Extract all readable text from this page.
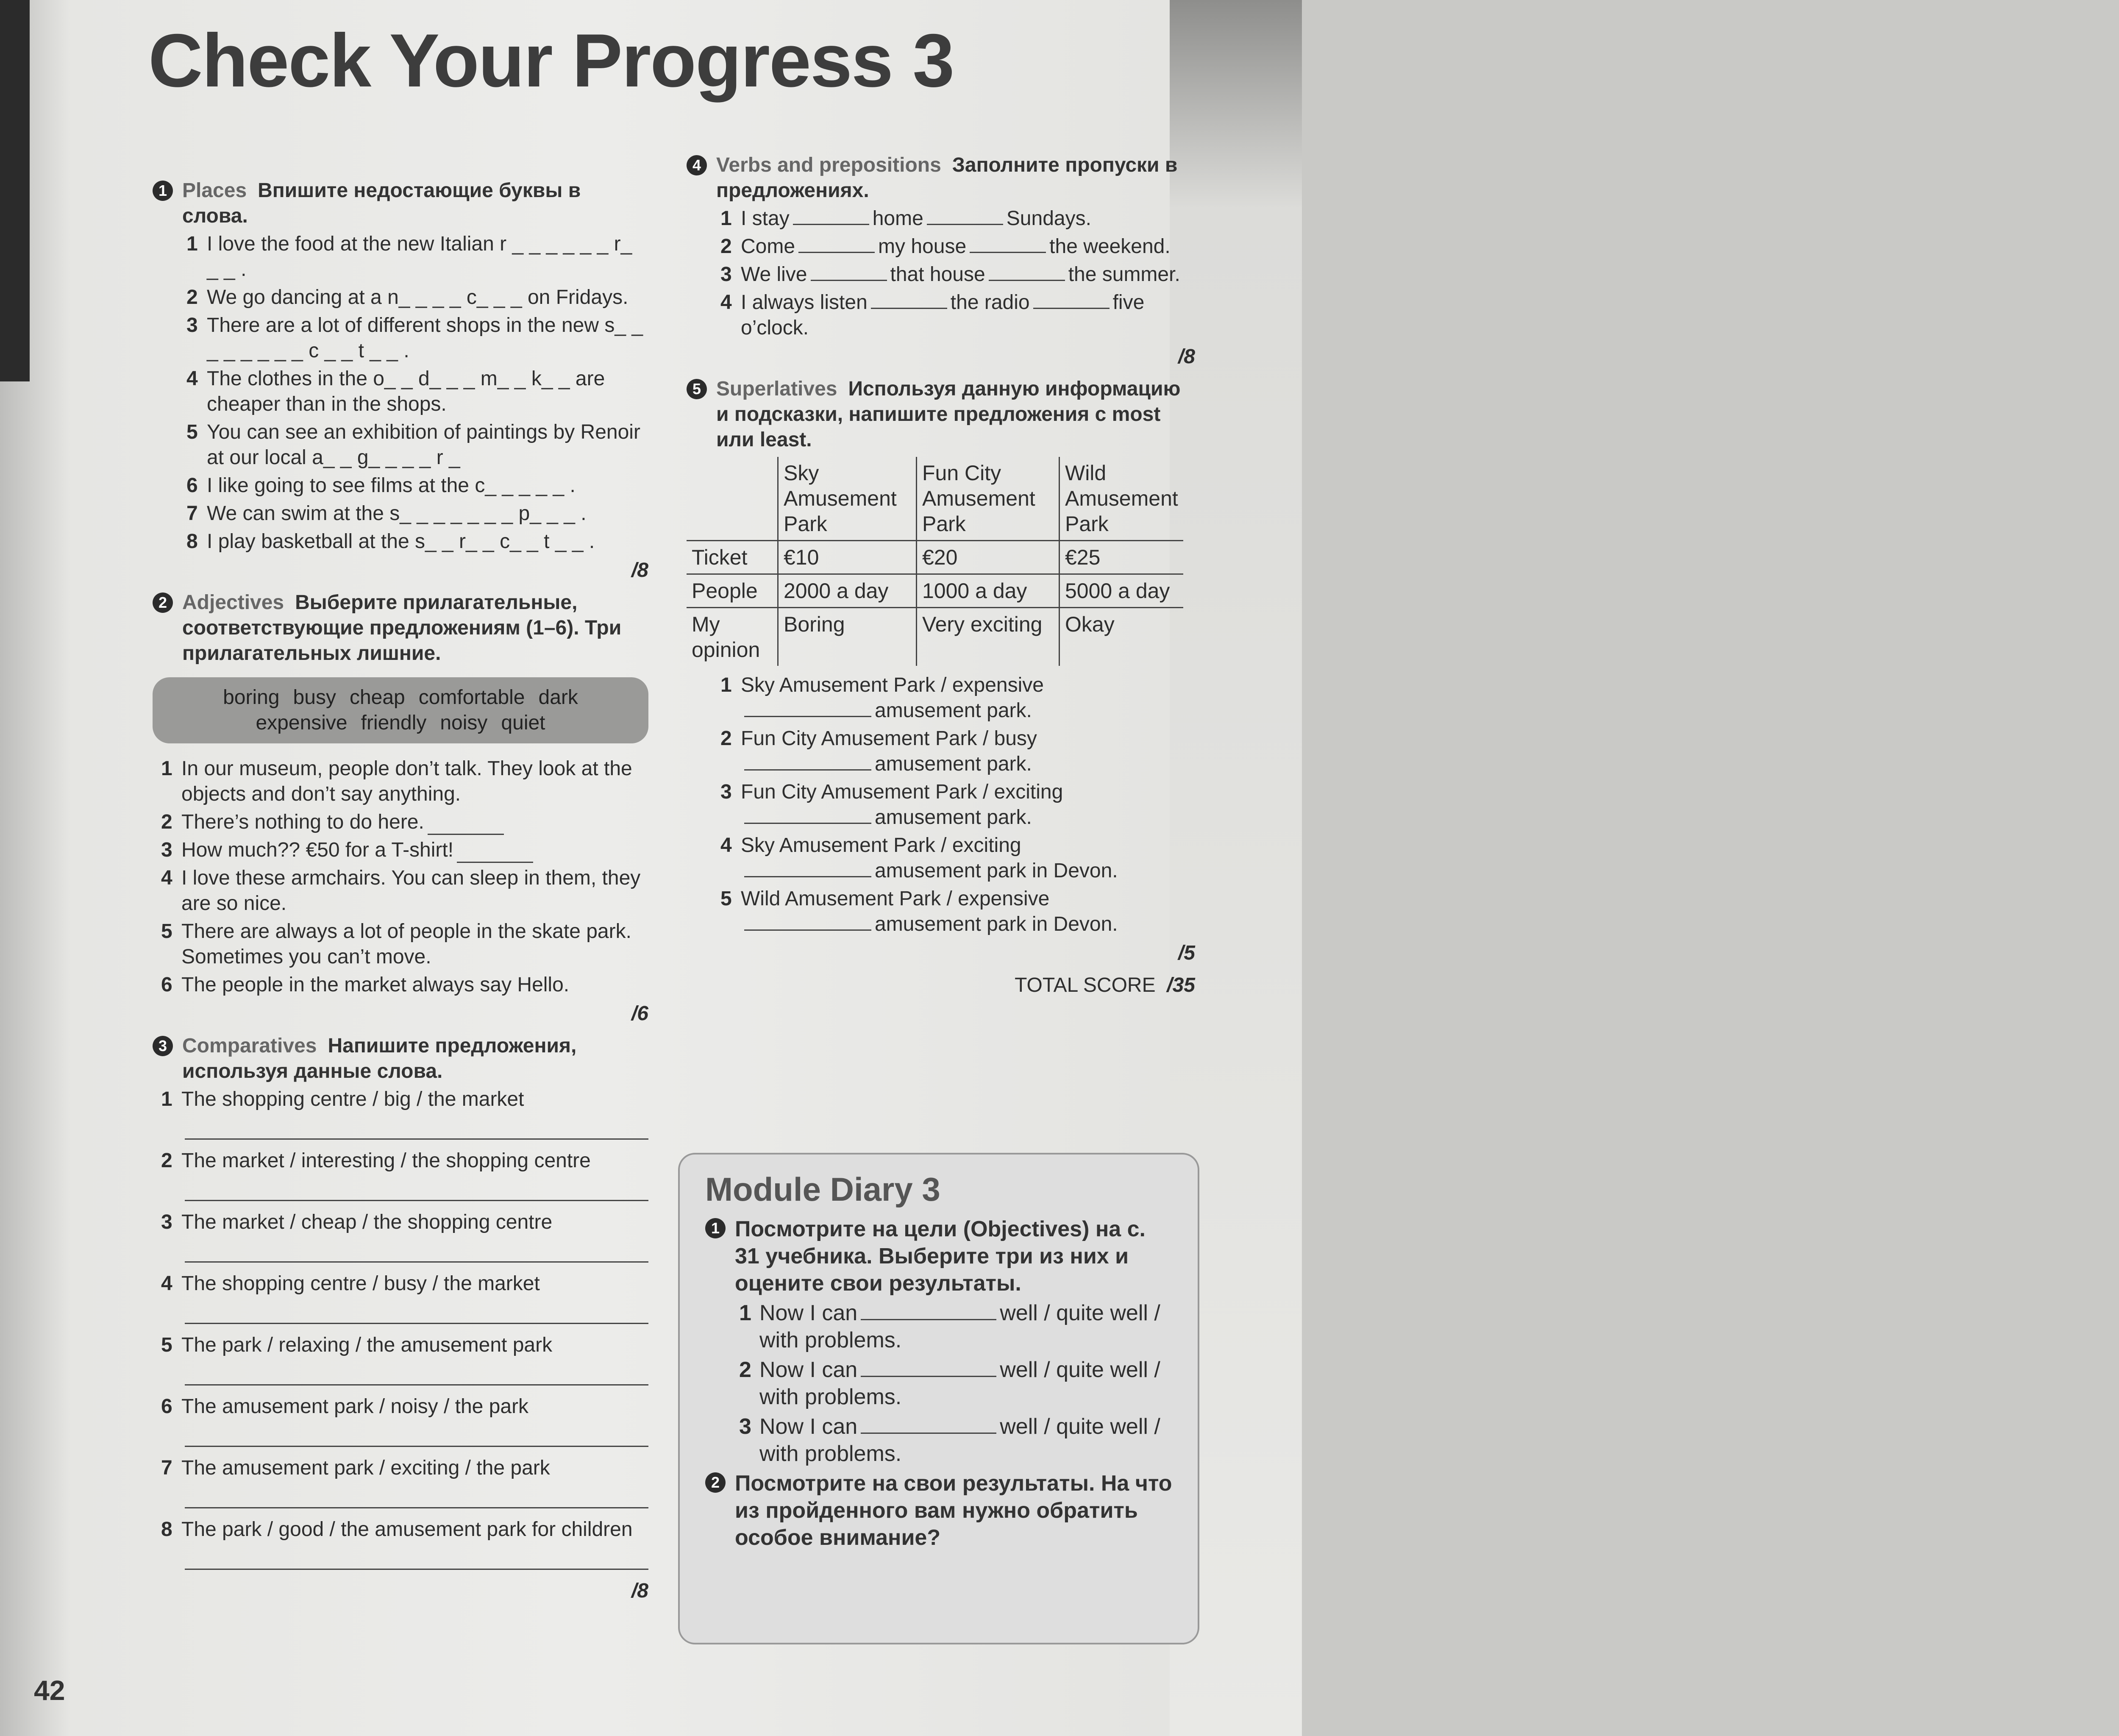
Check Your Progress 3
1 Places Впишите недостающие буквы в слова.
1 I love the food at the new Italian r _ _ _ _ _ _ r_ _ _ .
2 We go dancing at a n_ _ _ _ c_ _ _ on Fridays.
3 There are a lot of different shops in the new s_ _ _ _ _ _ _ _ c _ _ t _ _ .
4 The clothes in the o_ _ d_ _ _ m_ _ k_ _ are cheaper than in the shops.
5 You can see an exhibition of paintings by Renoir at our local a_ _ g_ _ _ _ r _
6 I like going to see films at the c_ _ _ _ _ .
7 We can swim at the s_ _ _ _ _ _ _ p_ _ _ .
8 I play basketball at the s_ _ r_ _ c_ _ t _ _ .
/8
2 Adjectives Выберите прилагательные, соответствующие предложениям (1–6). Три прилагательных лишние.
boring busy cheap comfortable dark
expensive friendly noisy quiet
1 In our museum, people don’t talk. They look at the objects and don’t say anything.
2 There’s nothing to do here.
3 How much?? €50 for a T-shirt!
4 I love these armchairs. You can sleep in them, they are so nice.
5 There are always a lot of people in the skate park. Sometimes you can’t move.
6 The people in the market always say Hello.
/6
3 Comparatives Напишите предложения, используя данные слова.
1 The shopping centre / big / the market
2 The market / interesting / the shopping centre
3 The market / cheap / the shopping centre
4 The shopping centre / busy / the market
5 The park / relaxing / the amusement park
6 The amusement park / noisy / the park
7 The amusement park / exciting / the park
8 The park / good / the amusement park for children
/8
4 Verbs and prepositions Заполните пропуски в предложениях.
1 I stay	home	Sundays.
2 Come	my house	the weekend.
3 We live	that house	the summer.
4 I always listen	the radio	five o’clock.
/8
5 Superlatives Используя данную информацию и подсказки, напишите предложения с most или least.
	Sky Amusement Park	Fun City Amusement Park	Wild Amusement Park
Ticket	€10	€20	€25
People	2000 a day	1000 a day	5000 a day
My opinion	Boring	Very exciting	Okay
1 Sky Amusement Park / expensive
amusement park.
2 Fun City Amusement Park / busy
amusement park.
3 Fun City Amusement Park / exciting
amusement park.
4 Sky Amusement Park / exciting
amusement park in Devon.
5 Wild Amusement Park / expensive
amusement park in Devon.
/5
TOTAL SCORE /35
Module Diary 3
1 Посмотрите на цели (Objectives) на с. 31 учебника. Выберите три из них и оцените свои результаты.
1 Now I can	well / quite well / with problems.
2 Now I can	well / quite well / with problems.
3 Now I can	well / quite well / with problems.
2 Посмотрите на свои результаты. На что из пройденного вам нужно обратить особое внимание?
42
